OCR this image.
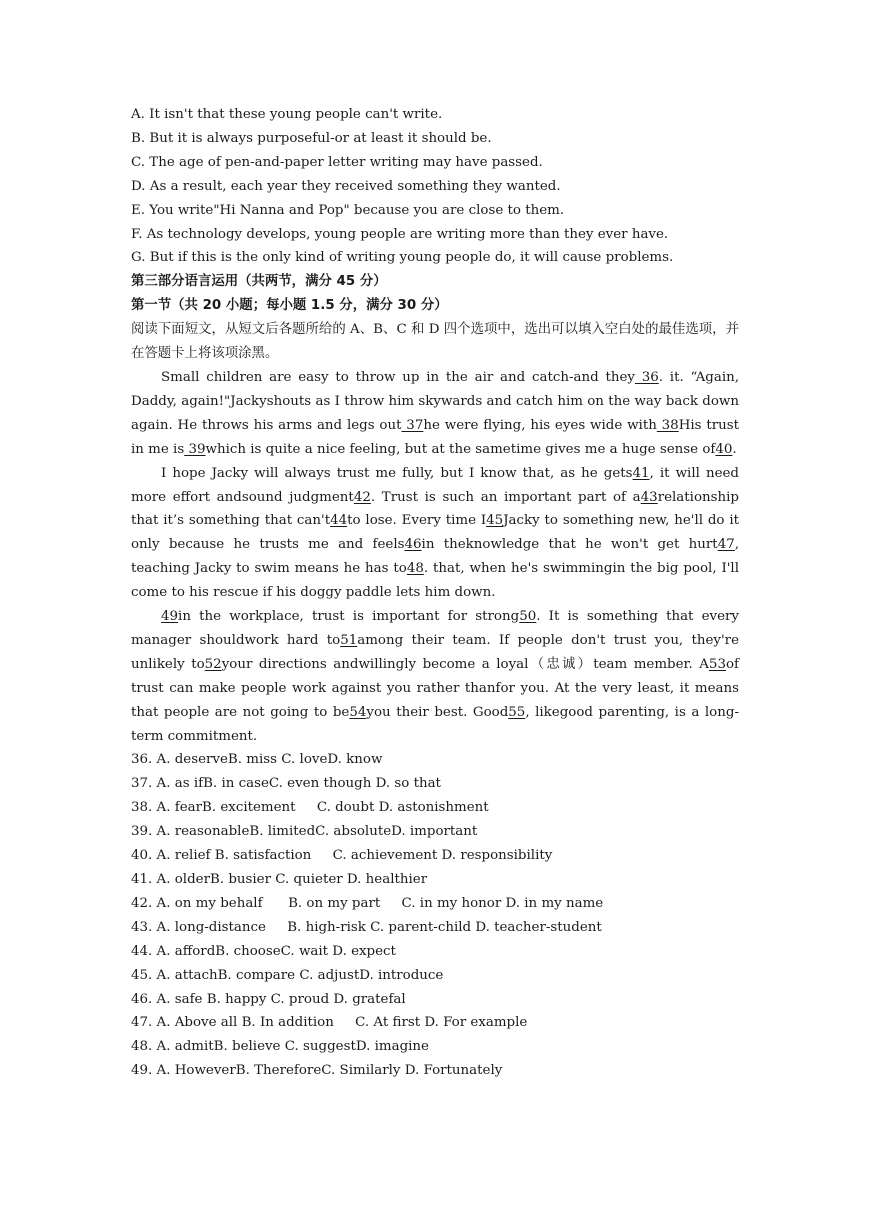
A. It isn't that these young people can't write.
B. But it is always purposeful-or at least it should be.
C. The age of pen-and-paper letter writing may have passed.
D. As a result, each year they received something they wanted.
E. You write"Hi Nanna and Pop" because you are close to them.
F. As technology develops, young people are writing more than they ever have.
G. But if this is the only kind of writing young people do, it will cause problems.
第三部分语言运用（共两节，满分 45 分）
第一节（共 20 小题；每小题 1.5 分，满分 30 分）
阅读下面短文，从短文后各题所给的 A、B、C 和 D 四个选项中，选出可以填入空白处的最佳选项，并在答题卡上将该项涂黑。
Small children are easy to throw up in the air and catch-and they 36. it. “Again, Daddy, again!"Jackyshouts as I throw him skywards and catch him on the way back down again. He throws his arms and legs out 37he were flying, his eyes wide with 38His trust in me is 39which is quite a nice feeling, but at the sametime gives me a huge sense of40.
I hope Jacky will always trust me fully, but I know that, as he gets41, it will need more effort andsound judgment42. Trust is such an important part of a43relationship that it’s something that can't44to lose. Every time I45Jacky to something new, he'll do it only because he trusts me and feels46in theknowledge that he won't get hurt47, teaching Jacky to swim means he has to48. that, when he's swimmingin the big pool, I'll come to his rescue if his doggy paddle lets him down.
49in the workplace, trust is important for strong50. It is something that every manager shouldwork hard to51among their team. If people don't trust you, they're unlikely to52your directions andwillingly become a loyal（忠诚）team member. A53of trust can make people work against you rather thanfor you. At the very least, it means that people are not going to be54you their best. Good55, likegood parenting, is a long-term commitment.
36. A. deserveB. miss C. loveD. know
37. A. as ifB. in caseC. even though D. so that
38. A. fearB. excitement     C. doubt D. astonishment
39. A. reasonableB. limitedC. absoluteD. important
40. A. relief B. satisfaction     C. achievement D. responsibility
41. A. olderB. busier C. quieter D. healthier
42. A. on my behalf      B. on my part     C. in my honor D. in my name
43. A. long-distance     B. high-risk C. parent-child D. teacher-student
44. A. affordB. chooseC. wait D. expect
45. A. attachB. compare C. adjustD. introduce
46. A. safe B. happy C. proud D. gratefal
47. A. Above all B. In addition     C. At first D. For example
48. A. admitB. believe C. suggestD. imagine
49. A. HoweverB. ThereforeC. Similarly D. Fortunately
